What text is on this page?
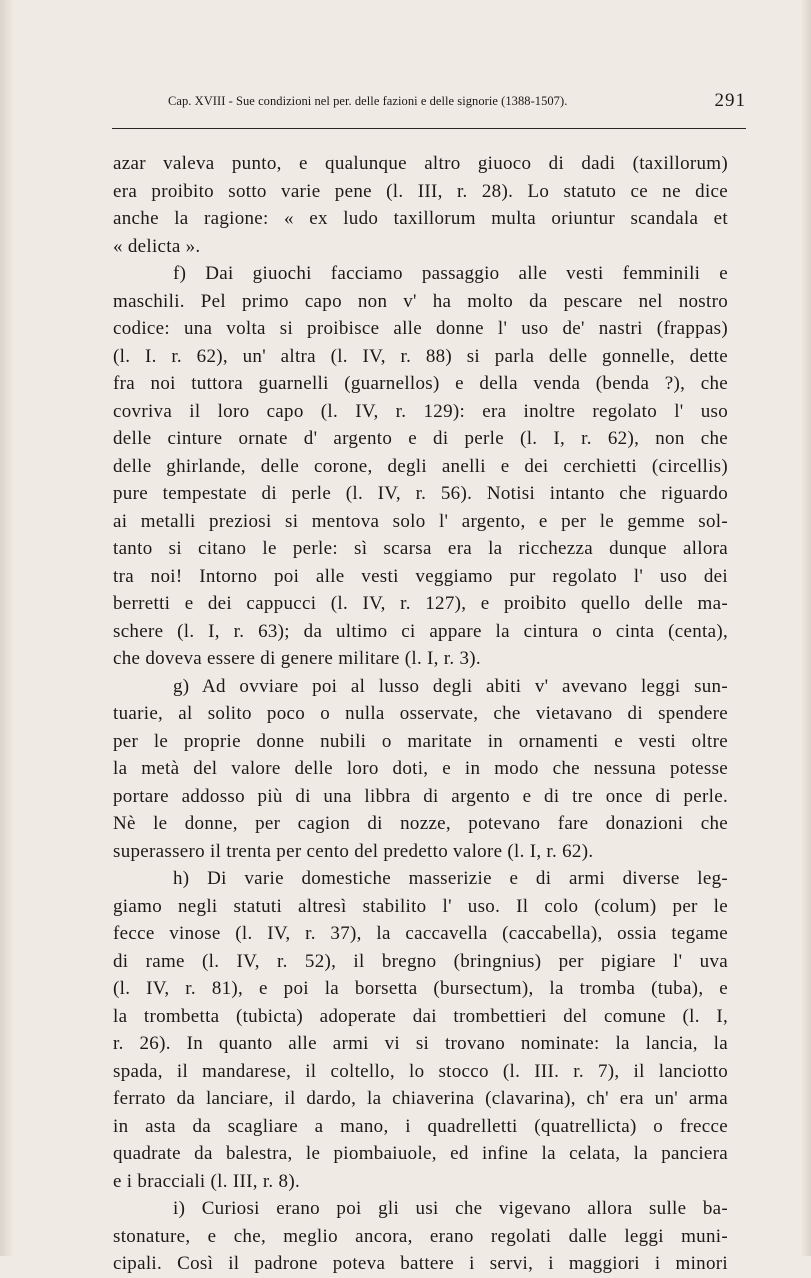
Cap. XVIII - Sue condizioni nel per. delle fazioni e delle signorie (1388-1507).	291
azar valeva punto, e qualunque altro giuoco di dadi (taxillorum)
era proibito sotto varie pene (l. III, r. 28). Lo statuto ce ne dice
anche la ragione: « ex ludo taxillorum multa oriuntur scandala et
« delicta ».
f) Dai giuochi facciamo passaggio alle vesti femminili e
maschili. Pel primo capo non v' ha molto da pescare nel nostro
codice: una volta si proibisce alle donne l' uso de' nastri (frappas)
(l. I. r. 62), un' altra (l. IV, r. 88) si parla delle gonnelle, dette
fra noi tuttora guarnelli (guarnellos) e della venda (benda ?), che
covriva il loro capo (l. IV, r. 129): era inoltre regolato l' uso
delle cinture ornate d' argento e di perle (l. I, r. 62), non che
delle ghirlande, delle corone, degli anelli e dei cerchietti (circellis)
pure tempestate di perle (l. IV, r. 56). Notisi intanto che riguardo
ai metalli preziosi si mentova solo l' argento, e per le gemme sol-
tanto si citano le perle: sì scarsa era la ricchezza dunque allora
tra noi! Intorno poi alle vesti veggiamo pur regolato l' uso dei
berretti e dei cappucci (l. IV, r. 127), e proibito quello delle ma-
schere (l. I, r. 63); da ultimo ci appare la cintura o cinta (centa),
che doveva essere di genere militare (l. I, r. 3).
g) Ad ovviare poi al lusso degli abiti v' avevano leggi sun-
tuarie, al solito poco o nulla osservate, che vietavano di spendere
per le proprie donne nubili o maritate in ornamenti e vesti oltre
la metà del valore delle loro doti, e in modo che nessuna potesse
portare addosso più di una libbra di argento e di tre once di perle.
Nè le donne, per cagion di nozze, potevano fare donazioni che
superassero il trenta per cento del predetto valore (l. I, r. 62).
h) Di varie domestiche masserizie e di armi diverse leg-
giamo negli statuti altresì stabilito l' uso. Il colo (colum) per le
fecce vinose (l. IV, r. 37), la caccavella (caccabella), ossia tegame
di rame (l. IV, r. 52), il bregno (bringnius) per pigiare l' uva
(l. IV, r. 81), e poi la borsetta (bursectum), la tromba (tuba), e
la trombetta (tubicta) adoperate dai trombettieri del comune (l. I,
r. 26). In quanto alle armi vi si trovano nominate: la lancia, la
spada, il mandarese, il coltello, lo stocco (l. III. r. 7), il lanciotto
ferrato da lanciare, il dardo, la chiaverina (clavarina), ch' era un' arma
in asta da scagliare a mano, i quadrelletti (quatrellicta) o frecce
quadrate da balestra, le piombaiuole, ed infine la celata, la panciera
e i bracciali (l. III, r. 8).
i) Curiosi erano poi gli usi che vigevano allora sulle ba-
stonature, e che, meglio ancora, erano regolati dalle leggi muni-
cipali. Così il padrone poteva battere i servi, i maggiori i minori
